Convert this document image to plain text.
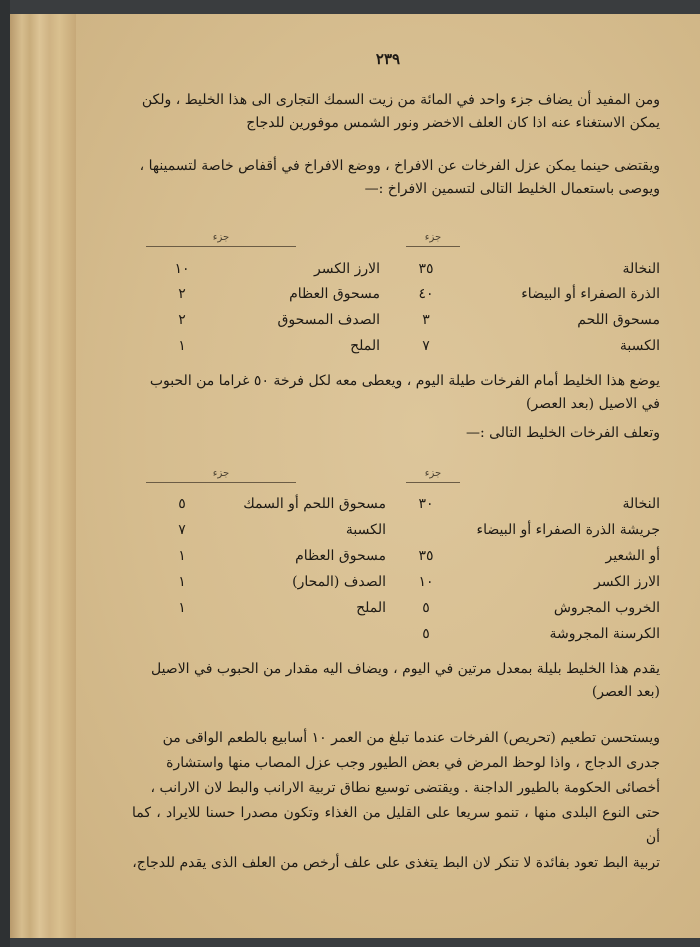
٢٣٩
ومن المفيد أن يضاف جزء واحد في المائة من زيت السمك التجارى الى هذا الخليط ، ولكن
يمكن الاستغناء عنه اذا كان العلف الاخضر ونور الشمس موفورين للدجاج
ويقتضى حينما يمكن عزل الفرخات عن الافراخ ، ووضع الافراخ في أقفاص خاصة لتسمينها ،
ويوصى باستعمال الخليط التالى لتسمين الافراخ :—
جزء	جزء
النخالة
٣٥
الارز الكسر
١٠
الذرة الصفراء أو البيضاء
٤٠
مسحوق العظام
٢
مسحوق اللحم
٣
الصدف المسحوق
٢
الكسبة
٧
الملح
١
يوضع هذا الخليط أمام الفرخات طيلة اليوم ، ويعطى معه لكل فرخة ٥٠ غراما من الحبوب
في الاصيل (بعد العصر)
وتعلف الفرخات الخليط التالى :—
جزء	جزء
النخالة
٣٠
جريشة الذرة الصفراء أو البيضاء
أو الشعير
٣٥
الارز الكسر
١٠
الخروب المجروش
٥
الكرسنة المجروشة
٥
مسحوق اللحم أو السمك
٥
الكسبة
٧
مسحوق العظام
١
الصدف (المحار)
١
الملح
١
يقدم هذا الخليط بليلة بمعدل مرتين في اليوم ، ويضاف اليه مقدار من الحبوب في الاصيل
(بعد العصر)
ويستحسن تطعيم (تحريص) الفرخات عندما تبلغ من العمر ١٠ أسابيع بالطعم الواقى من
جدرى الدجاج ، واذا لوحظ المرض في بعض الطيور وجب عزل المصاب منها واستشارة
أخصائى الحكومة بالطيور الداجنة . ويقتضى توسيع نطاق تربية الارانب والبط لان الارانب ،
حتى النوع البلدى منها ، تنمو سريعا على القليل من الغذاء وتكون مصدرا حسنا للايراد ، كما أن
تربية البط تعود بفائدة لا تنكر لان البط يتغذى على علف أرخص من العلف الذى يقدم للدجاج،
